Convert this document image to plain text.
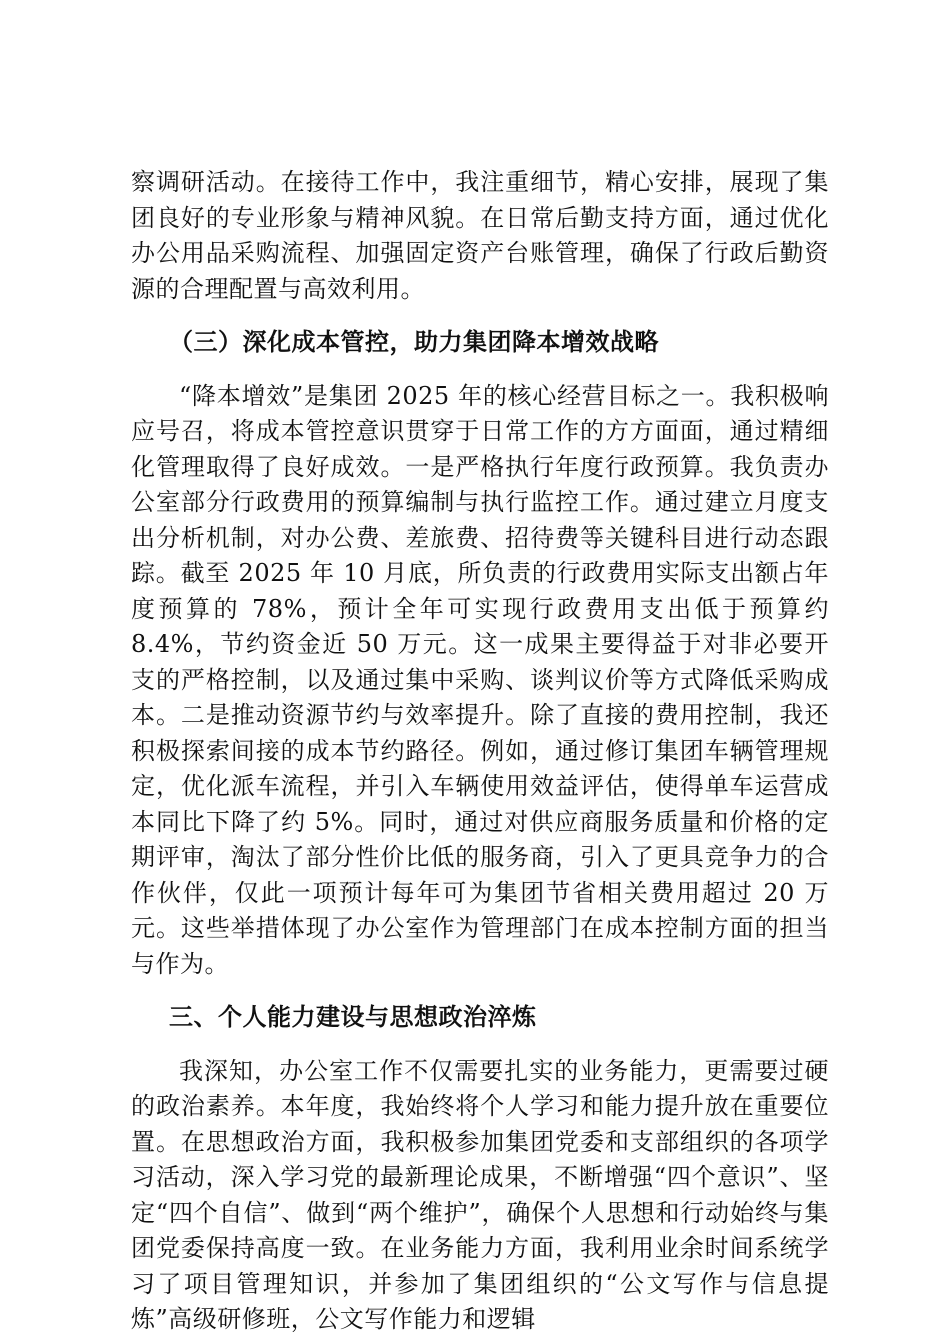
察调研活动。在接待工作中，我注重细节，精心安排，展现了集团良好的专业形象与精神风貌。在日常后勤支持方面，通过优化办公用品采购流程、加强固定资产台账管理，确保了行政后勤资源的合理配置与高效利用。

（三）深化成本管控，助力集团降本增效战略

“降本增效”是集团 2025 年的核心经营目标之一。我积极响应号召，将成本管控意识贯穿于日常工作的方方面面，通过精细化管理取得了良好成效。一是严格执行年度行政预算。我负责办公室部分行政费用的预算编制与执行监控工作。通过建立月度支出分析机制，对办公费、差旅费、招待费等关键科目进行动态跟踪。截至 2025 年 10 月底，所负责的行政费用实际支出额占年度预算的 78%，预计全年可实现行政费用支出低于预算约 8.4%，节约资金近 50 万元。这一成果主要得益于对非必要开支的严格控制，以及通过集中采购、谈判议价等方式降低采购成本。二是推动资源节约与效率提升。除了直接的费用控制，我还积极探索间接的成本节约路径。例如，通过修订集团车辆管理规定，优化派车流程，并引入车辆使用效益评估，使得单车运营成本同比下降了约 5%。同时，通过对供应商服务质量和价格的定期评审，淘汰了部分性价比低的服务商，引入了更具竞争力的合作伙伴，仅此一项预计每年可为集团节省相关费用超过 20 万元。这些举措体现了办公室作为管理部门在成本控制方面的担当与作为。

三、个人能力建设与思想政治淬炼

我深知，办公室工作不仅需要扎实的业务能力，更需要过硬的政治素养。本年度，我始终将个人学习和能力提升放在重要位置。在思想政治方面，我积极参加集团党委和支部组织的各项学习活动，深入学习党的最新理论成果，不断增强“四个意识”、坚定“四个自信”、做到“两个维护”，确保个人思想和行动始终与集团党委保持高度一致。在业务能力方面，我利用业余时间系统学习了项目管理知识，并参加了集团组织的“公文写作与信息提炼”高级研修班，公文写作能力和逻辑
